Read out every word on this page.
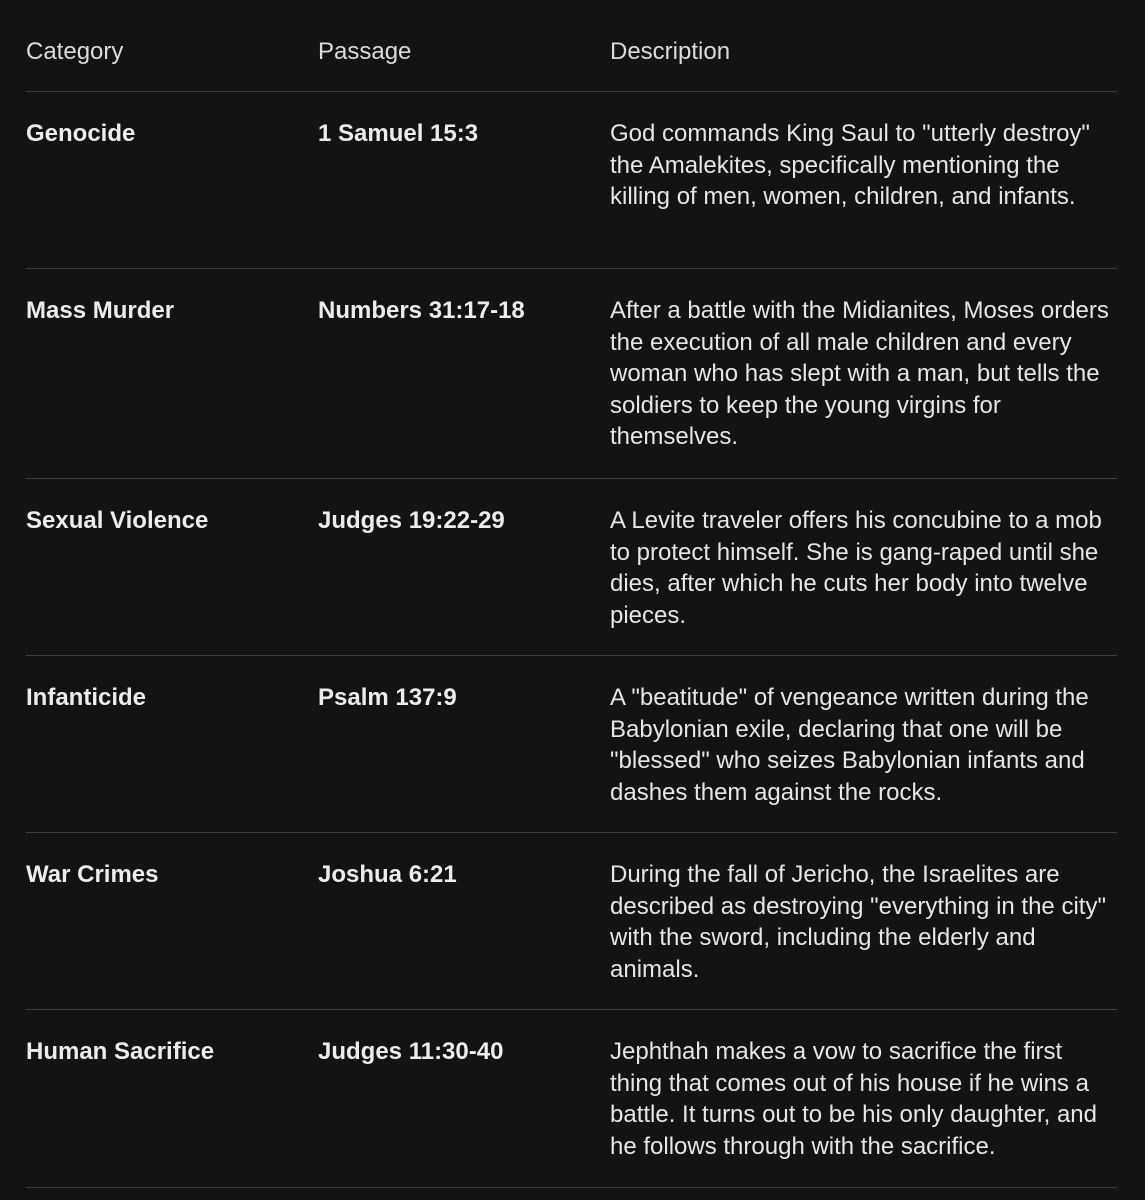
Category	Passage	Description
Genocide	1 Samuel 15:3	God commands King Saul to "utterly destroy" the Amalekites, specifically mentioning the killing of men, women, children, and infants.
Mass Murder	Numbers 31:17-18	After a battle with the Midianites, Moses orders the execution of all male children and every woman who has slept with a man, but tells the soldiers to keep the young virgins for themselves.
Sexual Violence	Judges 19:22-29	A Levite traveler offers his concubine to a mob to protect himself. She is gang-raped until she dies, after which he cuts her body into twelve pieces.
Infanticide	Psalm 137:9	A "beatitude" of vengeance written during the Babylonian exile, declaring that one will be "blessed" who seizes Babylonian infants and dashes them against the rocks.
War Crimes	Joshua 6:21	During the fall of Jericho, the Israelites are described as destroying "everything in the city" with the sword, including the elderly and animals.
Human Sacrifice	Judges 11:30-40	Jephthah makes a vow to sacrifice the first thing that comes out of his house if he wins a battle. It turns out to be his only daughter, and he follows through with the sacrifice.
